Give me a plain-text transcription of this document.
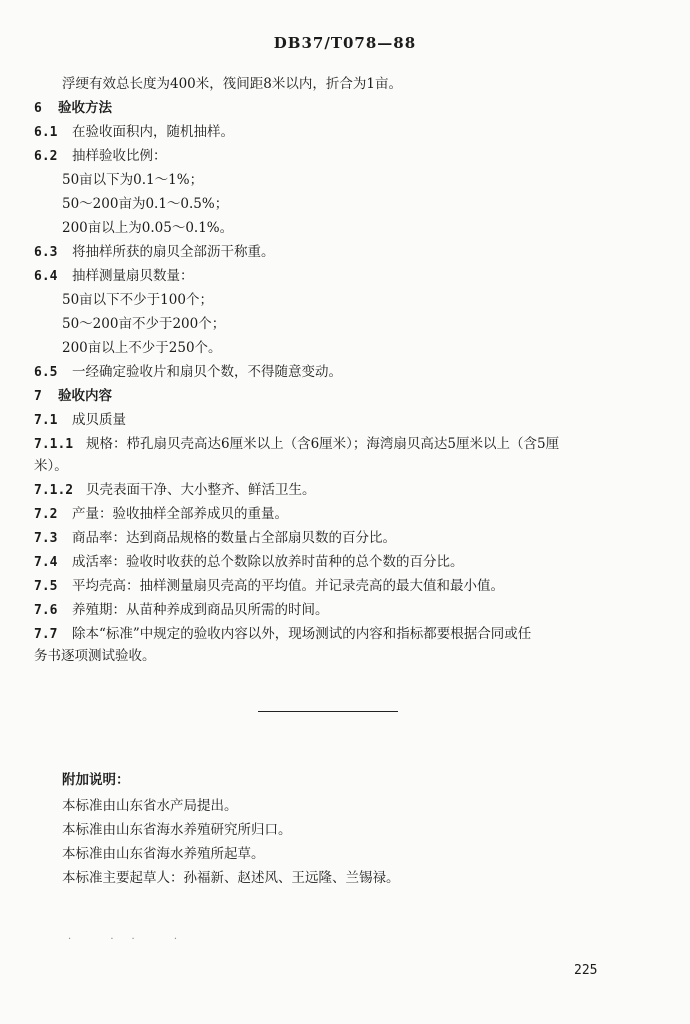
DB37/T078—88
浮绠有效总长度为400米，筏间距8米以内，折合为1亩。
6 验收方法
6.1 在验收面积内，随机抽样。
6.2 抽样验收比例：
50亩以下为0.1～1%；
50～200亩为0.1～0.5%；
200亩以上为0.05～0.1%。
6.3 将抽样所获的扇贝全部沥干称重。
6.4 抽样测量扇贝数量：
50亩以下不少于100个；
50～200亩不少于200个；
200亩以上不少于250个。
6.5 一经确定验收片和扇贝个数，不得随意变动。
7 验收内容
7.1 成贝质量
7.1.1 规格：栉孔扇贝壳高达6厘米以上（含6厘米）；海湾扇贝高达5厘米以上（含5厘
米）。
7.1.2 贝壳表面干净、大小整齐、鲜活卫生。
7.2 产量：验收抽样全部养成贝的重量。
7.3 商品率：达到商品规格的数量占全部扇贝数的百分比。
7.4 成活率：验收时收获的总个数除以放养时苗种的总个数的百分比。
7.5 平均壳高：抽样测量扇贝壳高的平均值。并记录壳高的最大值和最小值。
7.6 养殖期：从苗种养成到商品贝所需的时间。
7.7 除本“标准”中规定的验收内容以外，现场测试的内容和指标都要根据合同或任
务书逐项测试验收。
附加说明：
本标准由山东省水产局提出。
本标准由山东省海水养殖研究所归口。
本标准由山东省海水养殖所起草。
本标准主要起草人：孙福新、赵述风、王远隆、兰锡禄。
· ·· ·
225
